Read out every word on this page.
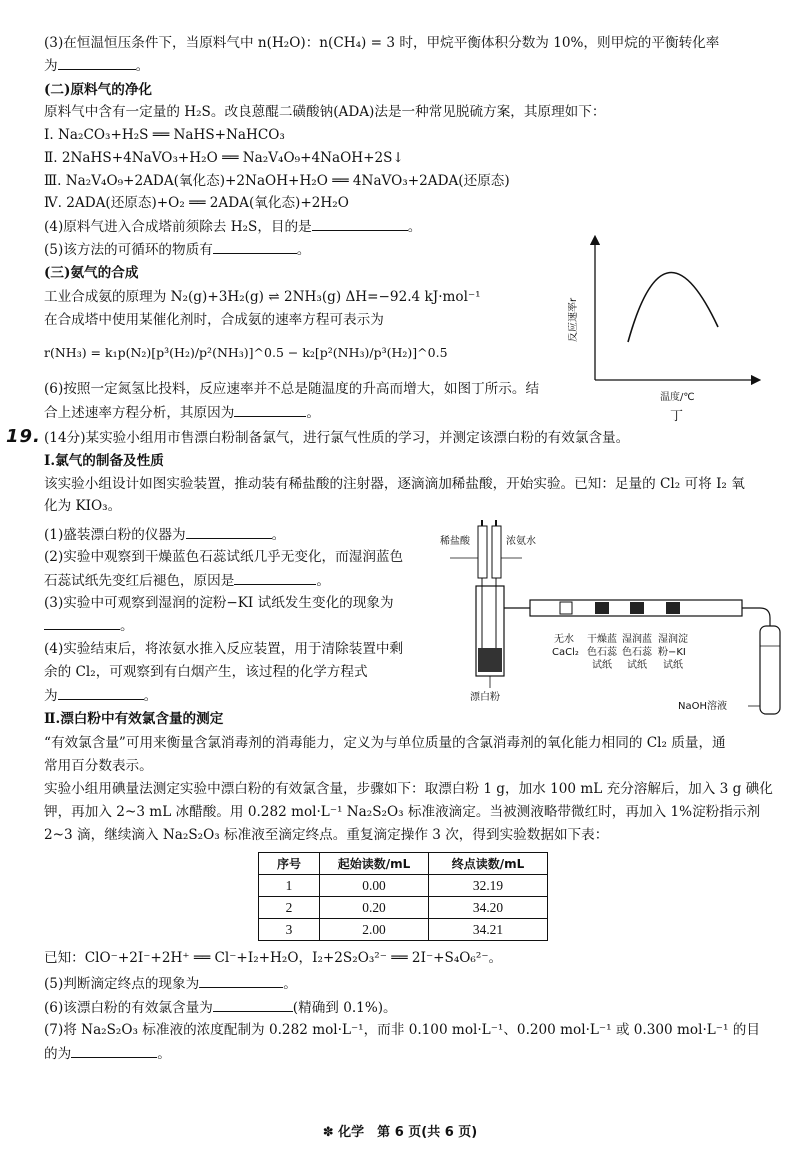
(3)在恒温恒压条件下，当原料气中 n(H₂O)：n(CH₄) = 3 时，甲烷平衡体积分数为 10%，则甲烷的平衡转化率
为	。
(二)原料气的净化
原料气中含有一定量的 H₂S。改良蒽醌二磺酸钠(ADA)法是一种常见脱硫方案，其原理如下：
Ⅰ. Na₂CO₃+H₂S ══ NaHS+NaHCO₃
Ⅱ. 2NaHS+4NaVO₃+H₂O ══ Na₂V₄O₉+4NaOH+2S↓
Ⅲ. Na₂V₄O₉+2ADA(氧化态)+2NaOH+H₂O ══ 4NaVO₃+2ADA(还原态)
Ⅳ. 2ADA(还原态)+O₂ ══ 2ADA(氧化态)+2H₂O
(4)原料气进入合成塔前须除去 H₂S，目的是	。
(5)该方法的可循环的物质有	。
(三)氨气的合成
工业合成氨的原理为 N₂(g)+3H₂(g) ⇌ 2NH₃(g) ΔH=−92.4 kJ·mol⁻¹
在合成塔中使用某催化剂时，合成氨的速率方程可表示为
r(NH₃) = k₁p(N₂)[p³(H₂)/p²(NH₃)]^0.5 − k₂[p²(NH₃)/p³(H₂)]^0.5
(6)按照一定氮氢比投料，反应速率并不总是随温度的升高而增大，如图丁所示。结
合上述速率方程分析，其原因为	。
反应速率r
温度/℃
丁
19. (14分)某实验小组用市售漂白粉制备氯气，进行氯气性质的学习，并测定该漂白粉的有效氯含量。
Ⅰ.氯气的制备及性质
该实验小组设计如图实验装置，推动装有稀盐酸的注射器，逐滴滴加稀盐酸，开始实验。已知：足量的 Cl₂ 可将 I₂ 氧
化为 KIO₃。
(1)盛装漂白粉的仪器为	。
(2)实验中观察到干燥蓝色石蕊试纸几乎无变化，而湿润蓝色
石蕊试纸先变红后褪色，原因是	。
(3)实验中可观察到湿润的淀粉−KI 试纸发生变化的现象为
。
(4)实验结束后，将浓氨水推入反应装置，用于清除装置中剩
余的 Cl₂，可观察到有白烟产生，该过程的化学方程式
为	。
稀盐酸	浓氨水
漂白粉
无水
CaCl₂
干燥蓝
色石蕊
试纸
湿润蓝
色石蕊
试纸
湿润淀
粉−KI
试纸
NaOH溶液
Ⅱ.漂白粉中有效氯含量的测定
“有效氯含量”可用来衡量含氯消毒剂的消毒能力，定义为与单位质量的含氯消毒剂的氧化能力相同的 Cl₂ 质量，通
常用百分数表示。
实验小组用碘量法测定实验中漂白粉的有效氯含量，步骤如下：取漂白粉 1 g，加水 100 mL 充分溶解后，加入 3 g 碘化
钾，再加入 2~3 mL 冰醋酸。用 0.282 mol·L⁻¹ Na₂S₂O₃ 标准液滴定。当被测液略带微红时，再加入 1%淀粉指示剂
2~3 滴，继续滴入 Na₂S₂O₃ 标准液至滴定终点。重复滴定操作 3 次，得到实验数据如下表：
序号	起始读数/mL	终点读数/mL
1	0.00	32.19
2	0.20	34.20
3	2.00	34.21
已知：ClO⁻+2I⁻+2H⁺ ══ Cl⁻+I₂+H₂O，I₂+2S₂O₃²⁻ ══ 2I⁻+S₄O₆²⁻。
(5)判断滴定终点的现象为	。
(6)该漂白粉的有效氯含量为	(精确到 0.1%)。
(7)将 Na₂S₂O₃ 标准液的浓度配制为 0.282 mol·L⁻¹，而非 0.100 mol·L⁻¹、0.200 mol·L⁻¹ 或 0.300 mol·L⁻¹ 的目
的为	。
✽ 化学　第 6 页(共 6 页)
